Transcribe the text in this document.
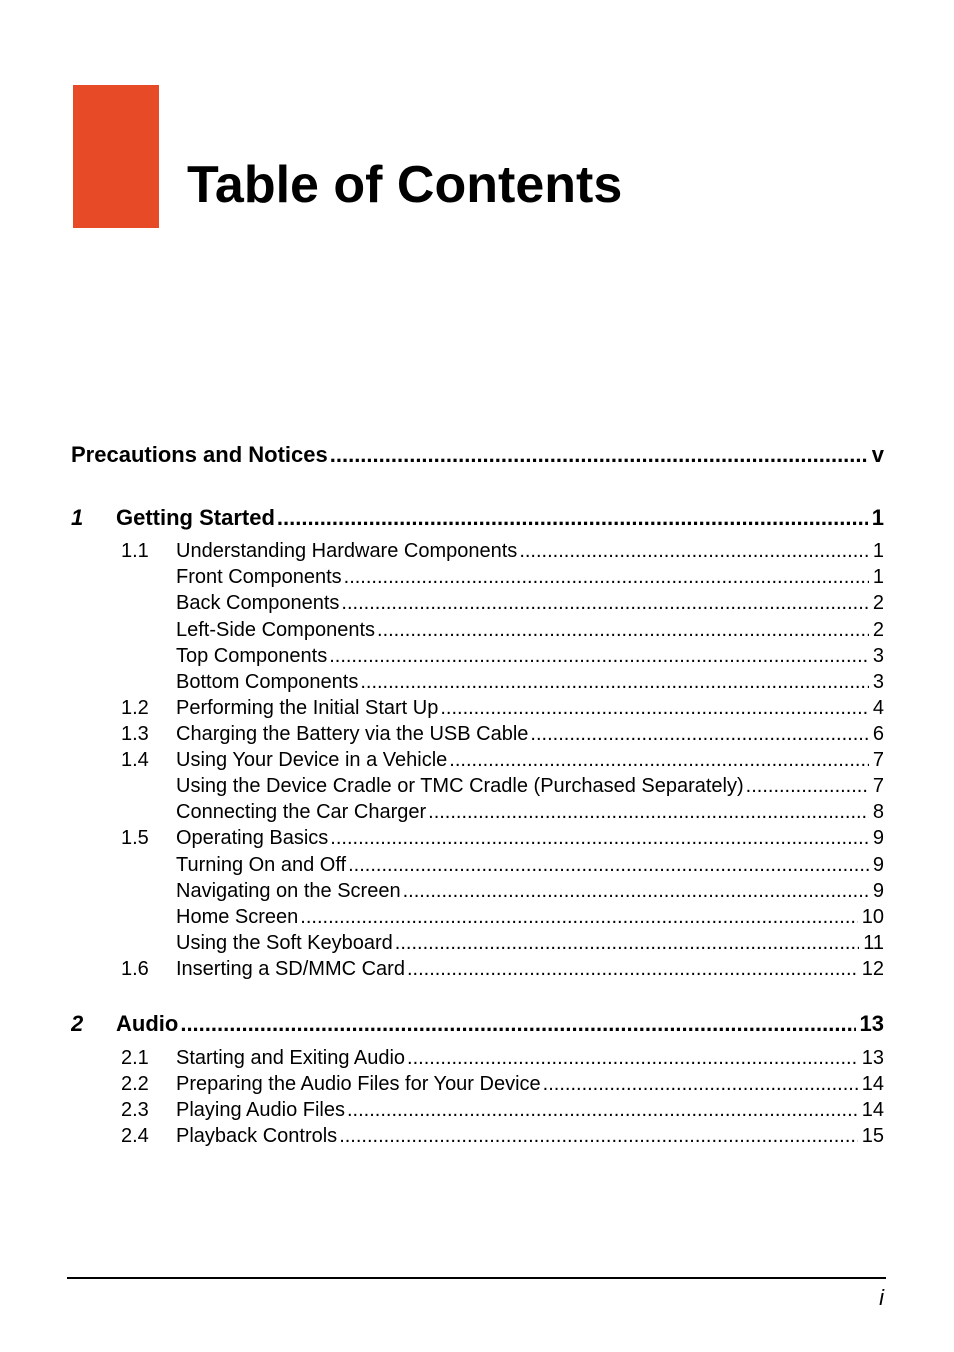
Table of Contents
Precautions and Notices .....	v
1	Getting Started .....	1
1.1	Understanding Hardware Components .....	1
Front Components .....	1
Back Components .....	2
Left-Side Components .....	2
Top Components .....	3
Bottom Components .....	3
1.2	Performing the Initial Start Up .....	4
1.3	Charging the Battery via the USB Cable .....	6
1.4	Using Your Device in a Vehicle .....	7
Using the Device Cradle or TMC Cradle (Purchased Separately) .....	7
Connecting the Car Charger .....	8
1.5	Operating Basics .....	9
Turning On and Off .....	9
Navigating on the Screen .....	9
Home Screen .....	10
Using the Soft Keyboard .....	11
1.6	Inserting a SD/MMC Card .....	12
2	Audio .....	13
2.1	Starting and Exiting Audio .....	13
2.2	Preparing the Audio Files for Your Device .....	14
2.3	Playing Audio Files .....	14
2.4	Playback Controls .....	15
i
